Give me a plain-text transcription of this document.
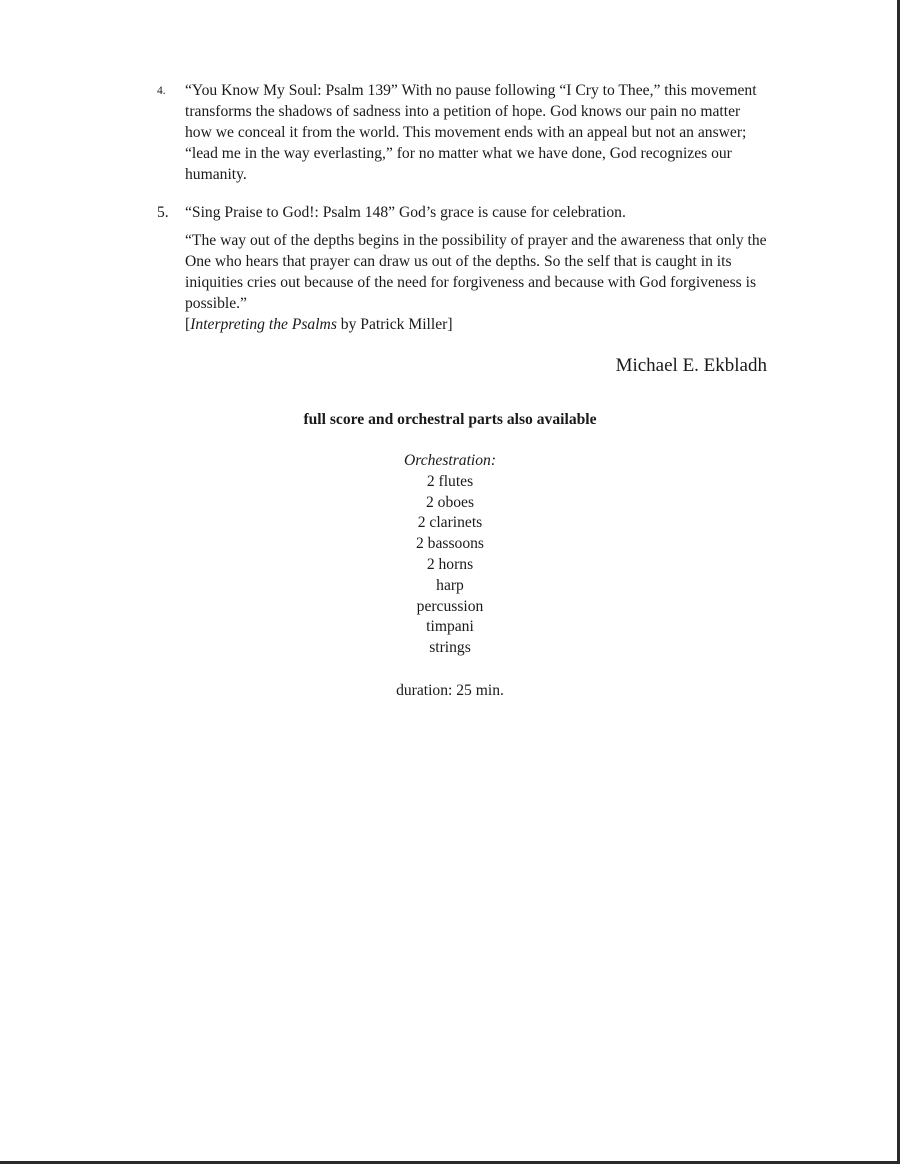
4. “You Know My Soul: Psalm 139” With no pause following “I Cry to Thee,” this movement transforms the shadows of sadness into a petition of hope. God knows our pain no matter how we conceal it from the world. This movement ends with an appeal but not an answer; “lead me in the way everlasting,” for no matter what we have done, God recognizes our humanity.
5. “Sing Praise to God!: Psalm 148” God’s grace is cause for celebration.
“The way out of the depths begins in the possibility of prayer and the awareness that only the One who hears that prayer can draw us out of the depths. So the self that is caught in its iniquities cries out because of the need for forgiveness and because with God forgiveness is possible.”
[Interpreting the Psalms by Patrick Miller]
Michael E. Ekbladh
full score and orchestral parts also available
Orchestration:
2 flutes
2 oboes
2 clarinets
2 bassoons
2 horns
harp
percussion
timpani
strings
duration: 25 min.
